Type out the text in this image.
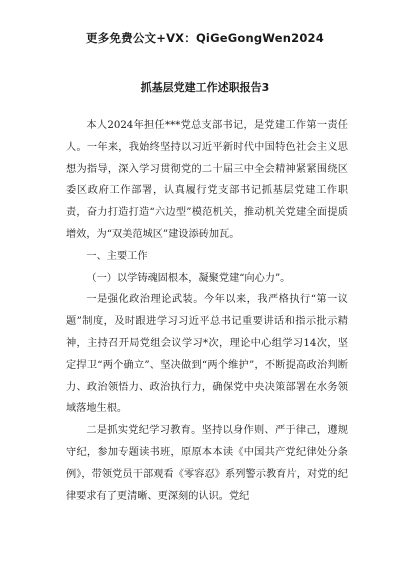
更多免费公文+VX：QiGeGongWen2024
抓基层党建工作述职报告3

本人2024年担任***党总支部书记，是党建工作第一责任人。一年来，我始终坚持以习近平新时代中国特色社会主义思想为指导，深入学习贯彻党的二十届三中全会精神紧紧围绕区委区政府工作部署，认真履行党支部书记抓基层党建工作职责，奋力打造打造“六边型”模范机关，推动机关党建全面提质增效，为“双美范城区”建设添砖加瓦。

一、主要工作

（一）以学铸魂固根本，凝聚党建“向心力”。

一是强化政治理论武装。今年以来，我严格执行“第一议题”制度，及时跟进学习习近平总书记重要讲话和指示批示精神，主持召开局党组会议学习*次，理论中心组学习14次，坚定捍卫“两个确立”、坚决做到“两个维护”，不断提高政治判断力、政治领悟力、政治执行力，确保党中央决策部署在水务领域落地生根。

二是抓实党纪学习教育。坚持以身作则、严于律己，遵规守纪，参加专题读书班，原原本本读《中国共产党纪律处分条例》，带领党员干部观看《零容忍》系列警示教育片，对党的纪律要求有了更清晰、更深刻的认识。党纪
